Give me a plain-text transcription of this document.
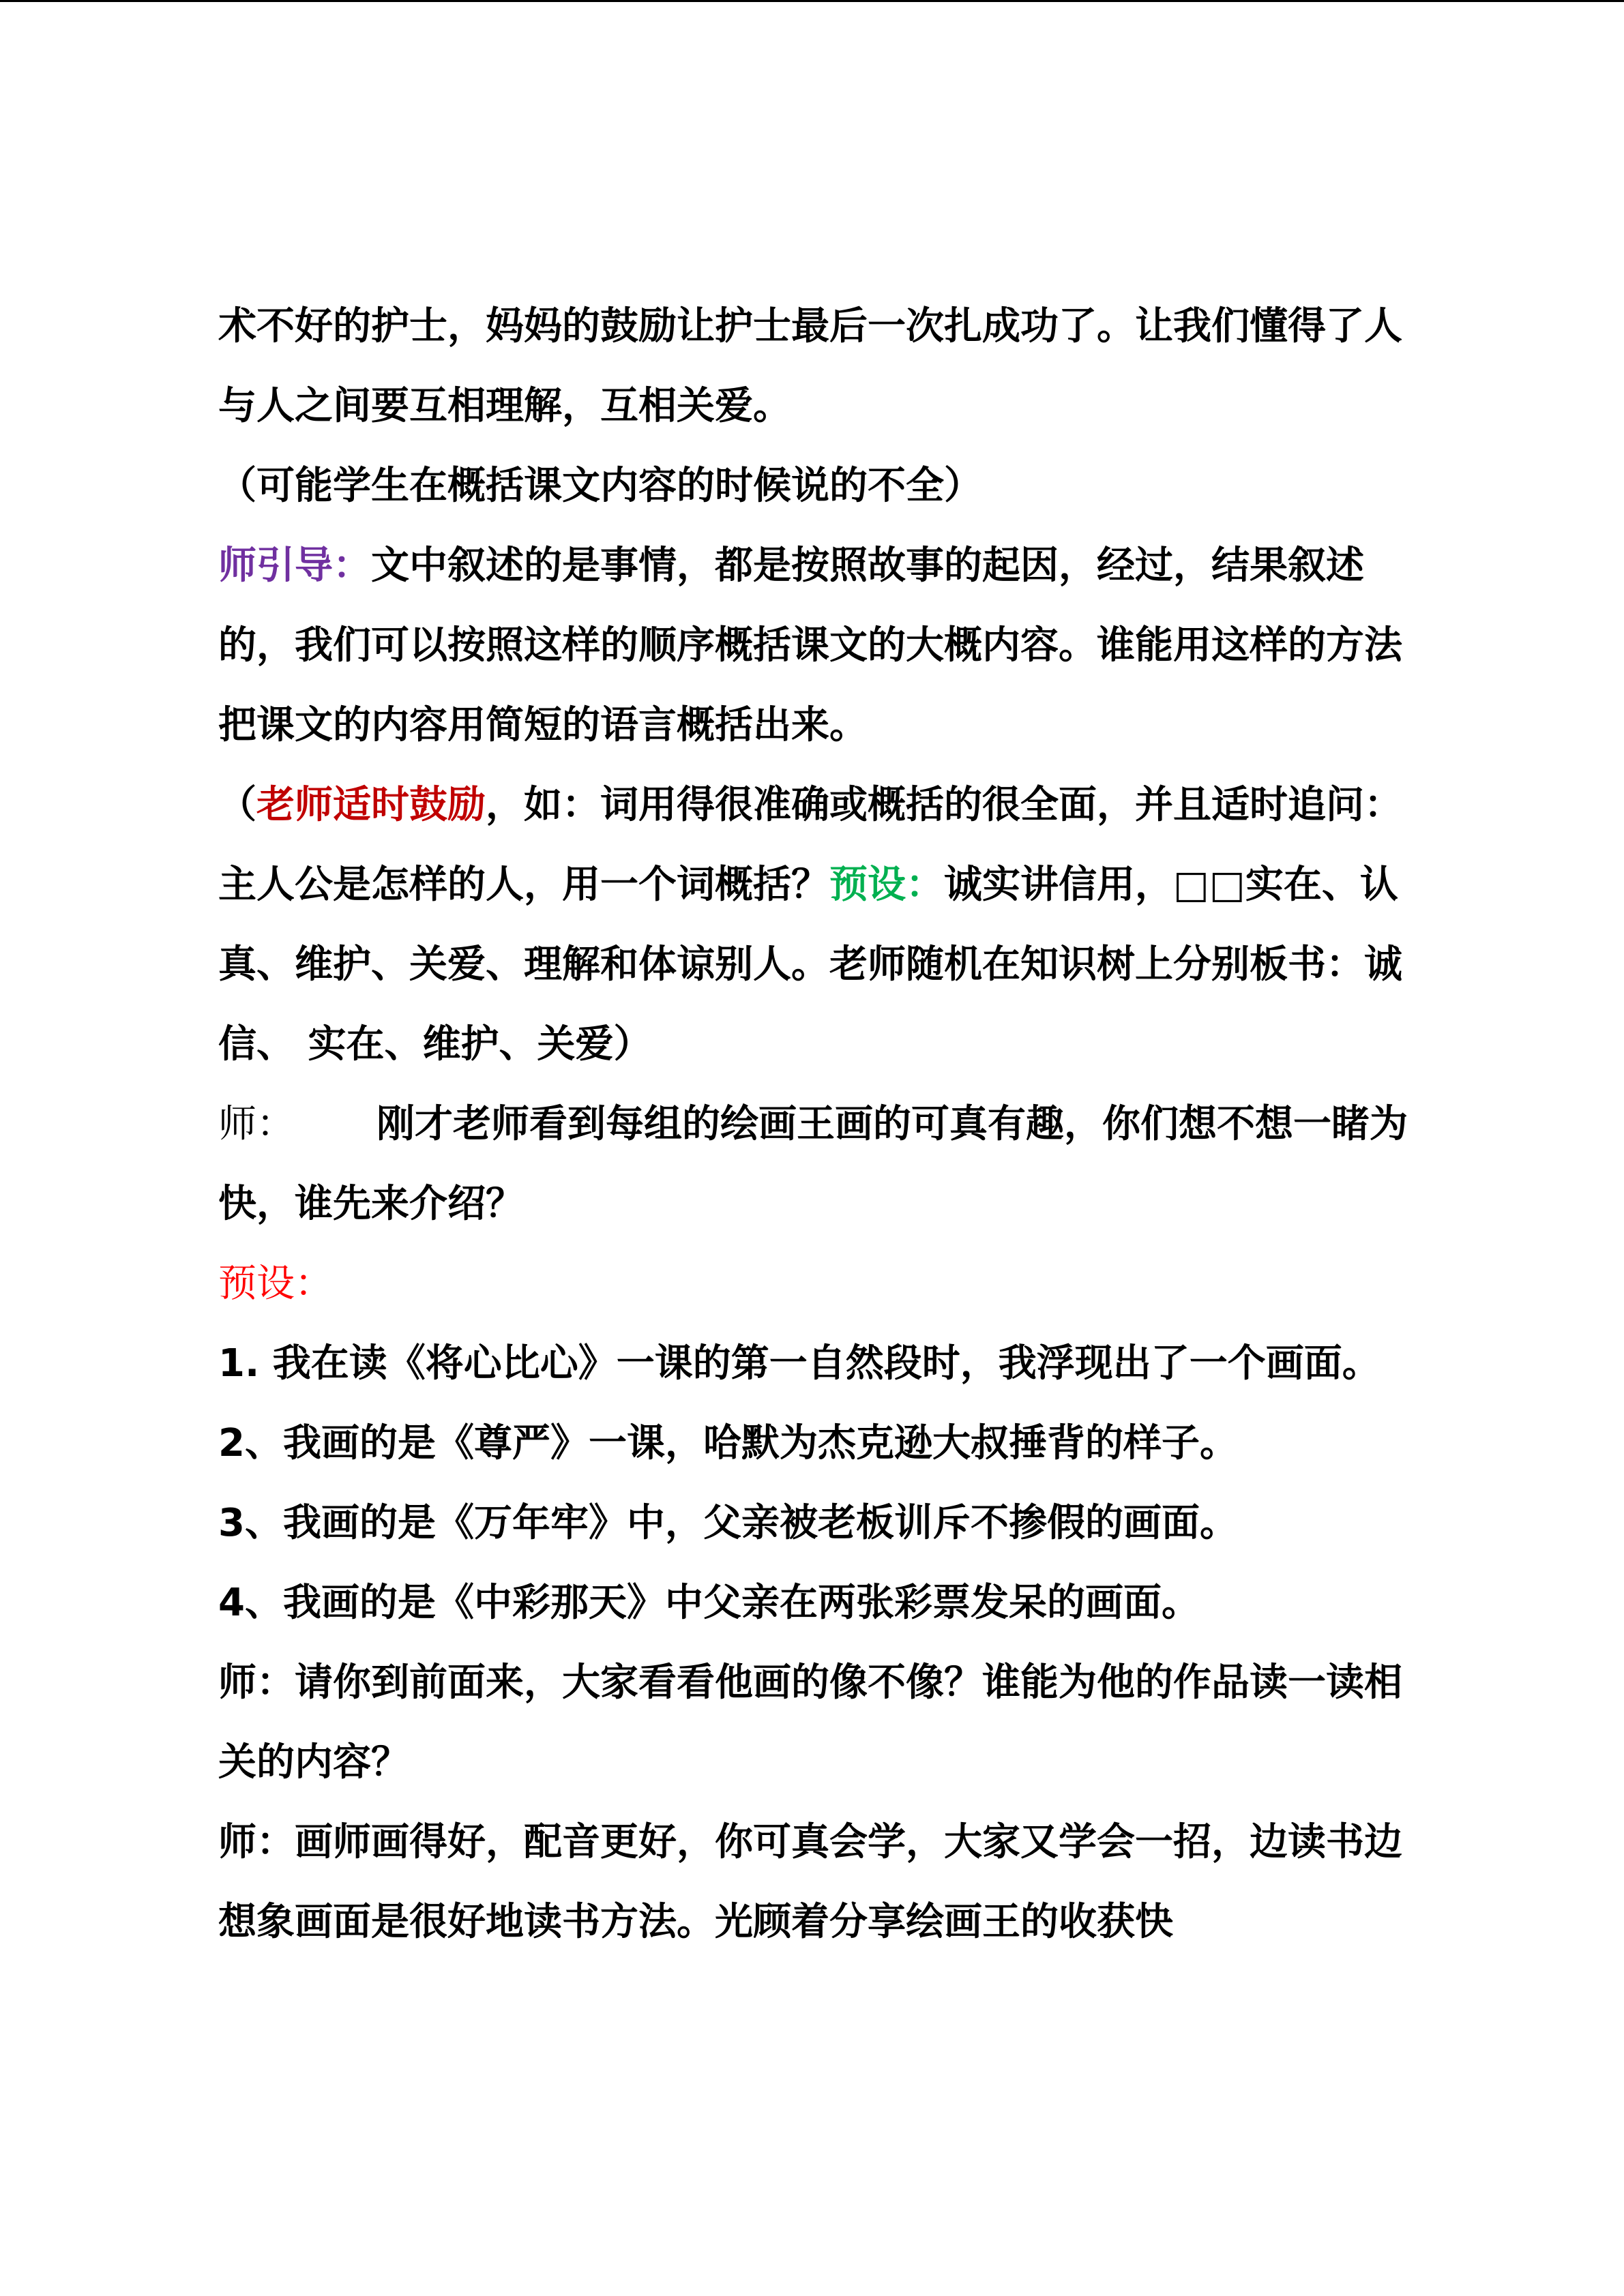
术不好的护士，妈妈的鼓励让护士最后一次扎成功了。让我们懂得了人与人之间要互相理解，互相关爱。

（可能学生在概括课文内容的时候说的不全）

师引导：文中叙述的是事情，都是按照故事的起因，经过，结果叙述的，我们可以按照这样的顺序概括课文的大概内容。谁能用这样的方法把课文的内容用简短的语言概括出来。

（老师适时鼓励，如：词用得很准确或概括的很全面，并且适时追问：主人公是怎样的人，用一个词概括？预设：诚实讲信用，□□实在、认真、维护、关爱、理解和体谅别人。老师随机在知识树上分别板书：诚信、 实在、维护、关爱）

师： 刚才老师看到每组的绘画王画的可真有趣，你们想不想一睹为快，谁先来介绍？

预设：

1. 我在读《将心比心》一课的第一自然段时，我浮现出了一个画面。

2、我画的是《尊严》一课，哈默为杰克逊大叔捶背的样子。

3、我画的是《万年牢》中，父亲被老板训斥不掺假的画面。

4、我画的是《中彩那天》中父亲在两张彩票发呆的画面。

师：请你到前面来，大家看看他画的像不像？谁能为他的作品读一读相关的内容？

师：画师画得好，配音更好，你可真会学，大家又学会一招，边读书边想象画面是很好地读书方法。光顾着分享绘画王的收获快
